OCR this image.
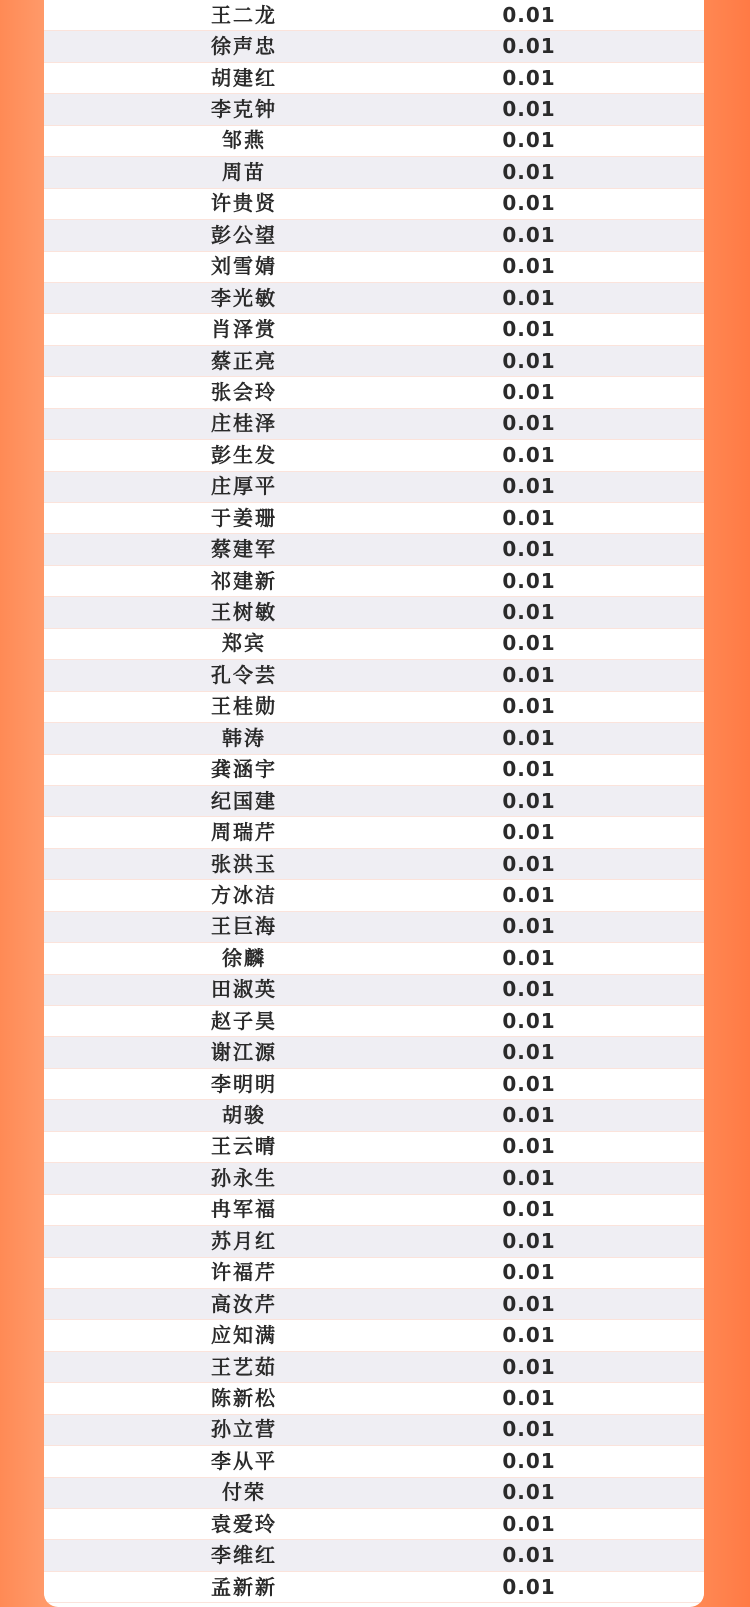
王二龙	0.01
徐声忠	0.01
胡建红	0.01
李克钟	0.01
邹燕	0.01
周苗	0.01
许贵贤	0.01
彭公望	0.01
刘雪婧	0.01
李光敏	0.01
肖泽赏	0.01
蔡正亮	0.01
张会玲	0.01
庄桂泽	0.01
彭生发	0.01
庄厚平	0.01
于姜珊	0.01
蔡建军	0.01
祁建新	0.01
王树敏	0.01
郑宾	0.01
孔令芸	0.01
王桂勋	0.01
韩涛	0.01
龚涵宇	0.01
纪国建	0.01
周瑞芹	0.01
张洪玉	0.01
方冰洁	0.01
王巨海	0.01
徐麟	0.01
田淑英	0.01
赵子昊	0.01
谢江源	0.01
李明明	0.01
胡骏	0.01
王云晴	0.01
孙永生	0.01
冉军福	0.01
苏月红	0.01
许福芹	0.01
高汝芹	0.01
应知满	0.01
王艺茹	0.01
陈新松	0.01
孙立营	0.01
李从平	0.01
付荣	0.01
袁爱玲	0.01
李维红	0.01
孟新新	0.01
